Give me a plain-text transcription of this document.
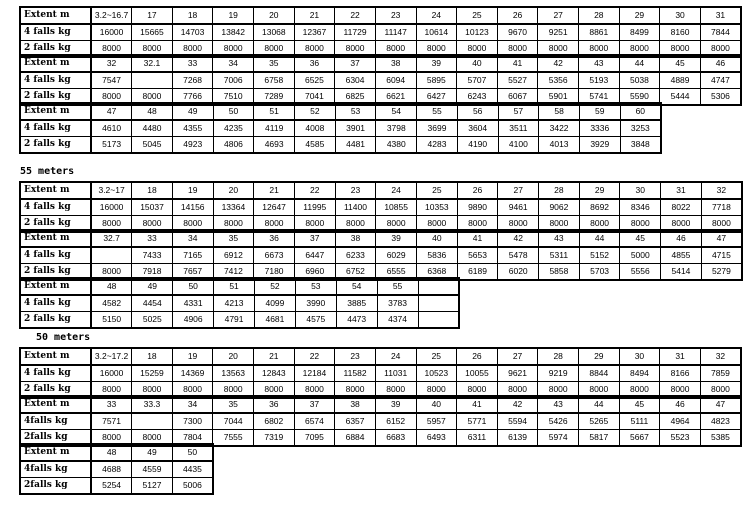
Extent m	3.2~16.7	17	18	19	20	21	22	23	24	25	26	27	28	29	30	31
4 falls kg	16000	15665	14703	13842	13068	12367	11729	11147	10614	10123	9670	9251	8861	8499	8160	7844
2 falls kg	8000	8000	8000	8000	8000	8000	8000	8000	8000	8000	8000	8000	8000	8000	8000	8000
Extent m	32	32.1	33	34	35	36	37	38	39	40	41	42	43	44	45	46
4 falls kg	7547		7268	7006	6758	6525	6304	6094	5895	5707	5527	5356	5193	5038	4889	4747
2 falls kg	8000	8000	7766	7510	7289	7041	6825	6621	6427	6243	6067	5901	5741	5590	5444	5306
Extent m	47	48	49	50	51	52	53	54	55	56	57	58	59	60
4 falls kg	4610	4480	4355	4235	4119	4008	3901	3798	3699	3604	3511	3422	3336	3253
2 falls kg	5173	5045	4923	4806	4693	4585	4481	4380	4283	4190	4100	4013	3929	3848
55 meters
Extent m	3.2~17	18	19	20	21	22	23	24	25	26	27	28	29	30	31	32
4 falls kg	16000	15037	14156	13364	12647	11995	11400	10855	10353	9890	9461	9062	8692	8346	8022	7718
2 falls kg	8000	8000	8000	8000	8000	8000	8000	8000	8000	8000	8000	8000	8000	8000	8000	8000
Extent m	32.7	33	34	35	36	37	38	39	40	41	42	43	44	45	46	47
4 falls kg		7433	7165	6912	6673	6447	6233	6029	5836	5653	5478	5311	5152	5000	4855	4715
2 falls kg	8000	7918	7657	7412	7180	6960	6752	6555	6368	6189	6020	5858	5703	5556	5414	5279
Extent m	48	49	50	51	52	53	54	55	
4 falls kg	4582	4454	4331	4213	4099	3990	3885	3783	
2 falls kg	5150	5025	4906	4791	4681	4575	4473	4374	
50 meters
Extent m	3.2~17.2	18	19	20	21	22	23	24	25	26	27	28	29	30	31	32
4 falls kg	16000	15259	14369	13563	12843	12184	11582	11031	10523	10055	9621	9219	8844	8494	8166	7859
2 falls kg	8000	8000	8000	8000	8000	8000	8000	8000	8000	8000	8000	8000	8000	8000	8000	8000
Extent m	33	33.3	34	35	36	37	38	39	40	41	42	43	44	45	46	47
4falls kg	7571		7300	7044	6802	6574	6357	6152	5957	5771	5594	5426	5265	5111	4964	4823
2falls kg	8000	8000	7804	7555	7319	7095	6884	6683	6493	6311	6139	5974	5817	5667	5523	5385
Extent m	48	49	50
4falls kg	4688	4559	4435
2falls kg	5254	5127	5006
